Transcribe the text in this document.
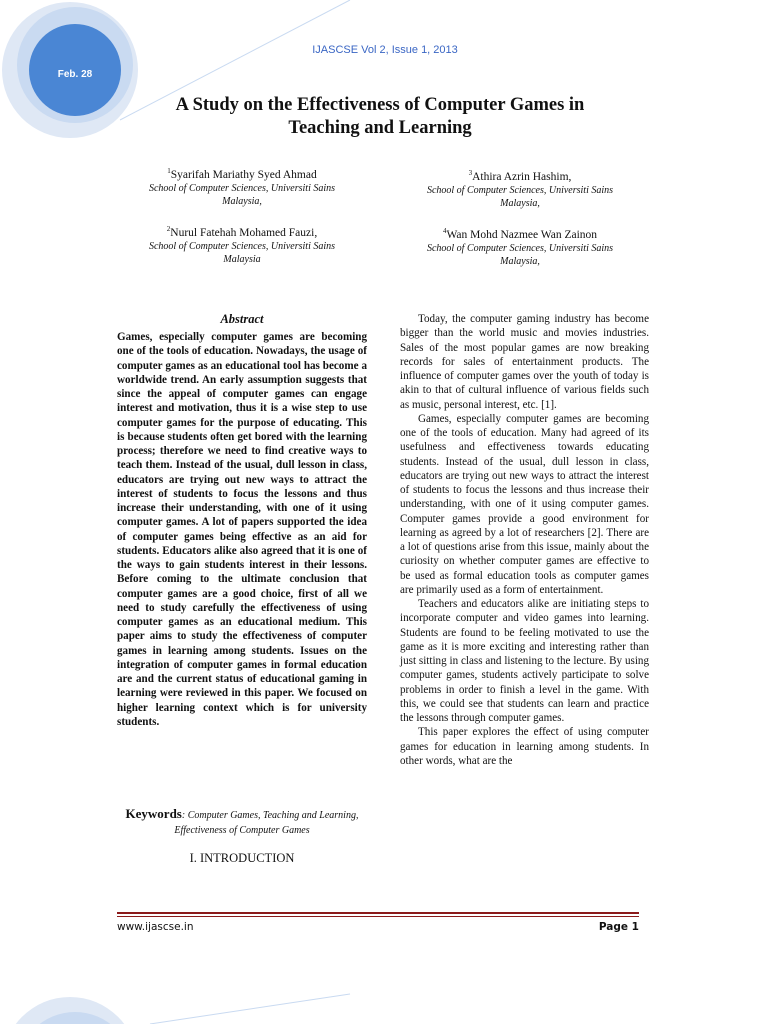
Feb. 28
IJASCSE Vol 2, Issue 1, 2013
A Study on the Effectiveness of Computer Games in
Teaching and Learning
$^1$Syarifah Mariathy Syed Ahmad
School of Computer Sciences, Universiti Sains
Malaysia,
$^3$Athira Azrin Hashim,
School of Computer Sciences, Universiti Sains
Malaysia,
$^2$Nurul Fatehah Mohamed Fauzi,
School of Computer Sciences, Universiti Sains
Malaysia
$^4$Wan Mohd Nazmee Wan Zainon
School of Computer Sciences, Universiti Sains
Malaysia,
Abstract
Games, especially computer games are becoming one of the tools of education. Nowadays, the usage of computer games as an educational tool has become a worldwide trend. An early assumption suggests that since the appeal of computer games can engage interest and motivation, thus it is a wise step to use computer games for the purpose of educating. This is because students often get bored with the learning process; therefore we need to find creative ways to teach them. Instead of the usual, dull lesson in class, educators are trying out new ways to attract the interest of students to focus the lessons and thus increase their understanding, with one of it using computer games. A lot of papers supported the idea of computer games being effective as an aid for students. Educators alike also agreed that it is one of the ways to gain students interest in their lessons. Before coming to the ultimate conclusion that computer games are a good choice, first of all we need to study carefully the effectiveness of using computer games as an educational medium. This paper aims to study the effectiveness of computer games in learning among students. Issues on the integration of computer games in formal education are and the current status of educational gaming in learning were reviewed in this paper. We focused on higher learning context which is for university students.
Keywords: Computer Games, Teaching and Learning, Effectiveness of Computer Games
I. INTRODUCTION

Today, the computer gaming industry has become bigger than the world music and movies industries. Sales of the most popular games are now breaking records for sales of entertainment products. The influence of computer games over the youth of today is akin to that of cultural influence of various fields such as music, personal interest, etc. [1].

Games, especially computer games are becoming one of the tools of education. Many had agreed of its usefulness and effectiveness towards educating students. Instead of the usual, dull lesson in class, educators are trying out new ways to attract the interest of students to focus the lessons and thus increase their understanding, with one of it using computer games. Computer games provide a good environment for learning as agreed by a lot of researchers [2]. There are a lot of questions arise from this issue, mainly about the curiosity on whether computer games are effective to be used as formal education tools as computer games are primarily used as a form of entertainment.

Teachers and educators alike are initiating steps to incorporate computer and video games into learning. Students are found to be feeling motivated to use the game as it is more exciting and interesting rather than just sitting in class and listening to the lecture. By using computer games, students actively participate to solve problems in order to finish a level in the game. With this, we could see that students can learn and practice the lessons through computer games.

This paper explores the effect of using computer games for education in learning among students. In other words, what are the

www.ijascse.in	Page 1
